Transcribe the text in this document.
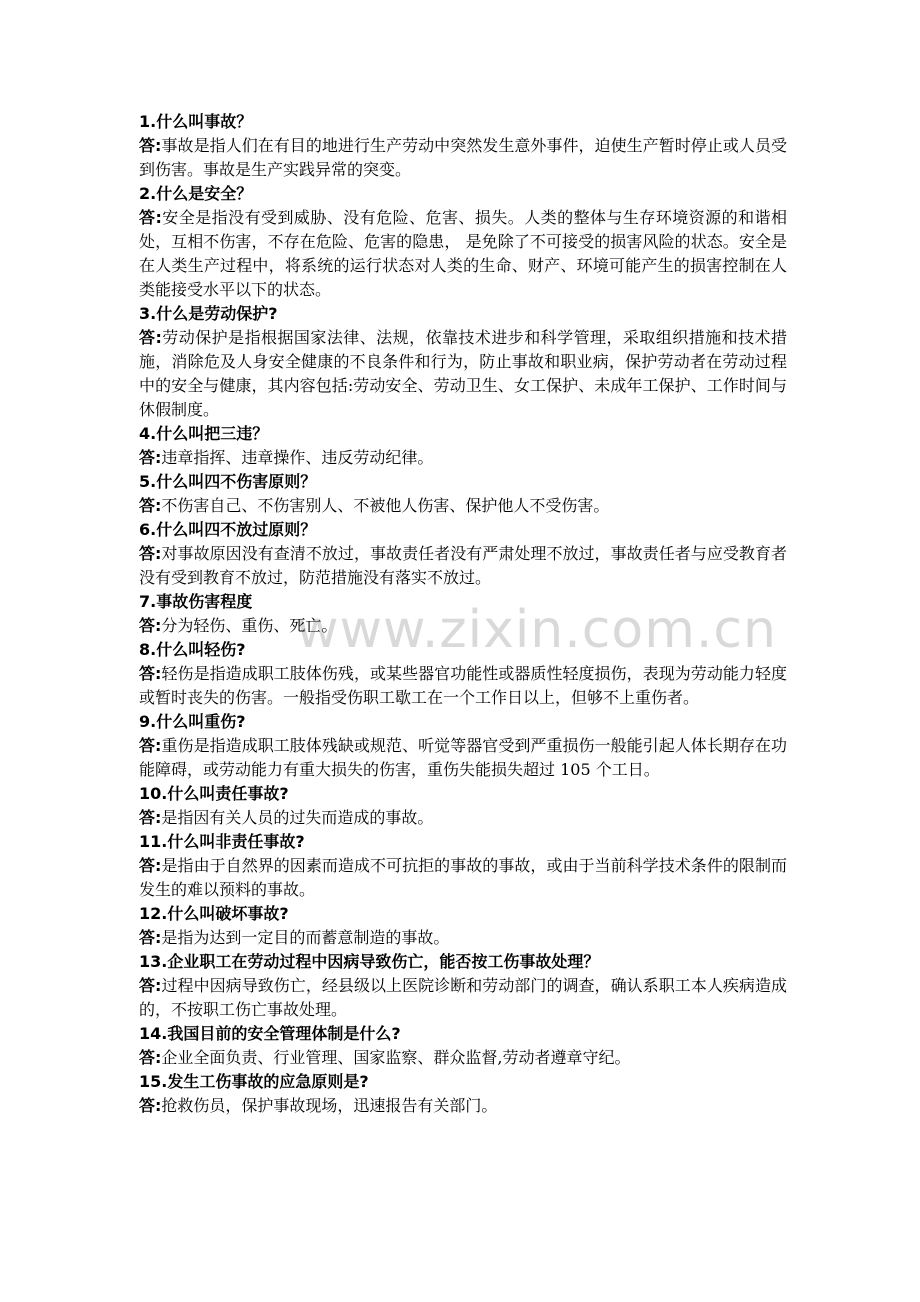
www.zixin.com.cn

1.什么叫事故？

答:事故是指人们在有目的地进行生产劳动中突然发生意外事件，迫使生产暂时停止或人员受到伤害。事故是生产实践异常的突变。

2.什么是安全？

答:安全是指没有受到威胁、没有危险、危害、损失。人类的整体与生存环境资源的和谐相处，互相不伤害，不存在危险、危害的隐患， 是免除了不可接受的损害风险的状态。安全是在人类生产过程中，将系统的运行状态对人类的生命、财产、环境可能产生的损害控制在人类能接受水平以下的状态。

3.什么是劳动保护?

答:劳动保护是指根据国家法律、法规，依靠技术进步和科学管理，采取组织措施和技术措施，消除危及人身安全健康的不良条件和行为，防止事故和职业病，保护劳动者在劳动过程中的安全与健康，其内容包括:劳动安全、劳动卫生、女工保护、未成年工保护、工作时间与休假制度。

4.什么叫把三违？

答:违章指挥、违章操作、违反劳动纪律。

5.什么叫四不伤害原则？

答:不伤害自己、不伤害别人、不被他人伤害、保护他人不受伤害。

6.什么叫四不放过原则？

答:对事故原因没有查清不放过，事故责任者没有严肃处理不放过，事故责任者与应受教育者没有受到教育不放过，防范措施没有落实不放过。

7.事故伤害程度

答:分为轻伤、重伤、死亡。

8.什么叫轻伤?

答:轻伤是指造成职工肢体伤残，或某些器官功能性或器质性轻度损伤，表现为劳动能力轻度或暂时丧失的伤害。一般指受伤职工歇工在一个工作日以上，但够不上重伤者。

9.什么叫重伤?

答:重伤是指造成职工肢体残缺或规范、听觉等器官受到严重损伤一般能引起人体长期存在功能障碍，或劳动能力有重大损失的伤害，重伤失能损失超过 105 个工日。

10.什么叫责任事故?

答:是指因有关人员的过失而造成的事故。

11.什么叫非责任事故?

答:是指由于自然界的因素而造成不可抗拒的事故的事故，或由于当前科学技术条件的限制而发生的难以预料的事故。

12.什么叫破坏事故?

答:是指为达到一定目的而蓄意制造的事故。

13.企业职工在劳动过程中因病导致伤亡，能否按工伤事故处理？

答:过程中因病导致伤亡，经县级以上医院诊断和劳动部门的调查，确认系职工本人疾病造成的，不按职工伤亡事故处理。

14.我国目前的安全管理体制是什么?

答:企业全面负责、行业管理、国家监察、群众监督,劳动者遵章守纪。

15.发生工伤事故的应急原则是?

答:抢救伤员，保护事故现场，迅速报告有关部门。
